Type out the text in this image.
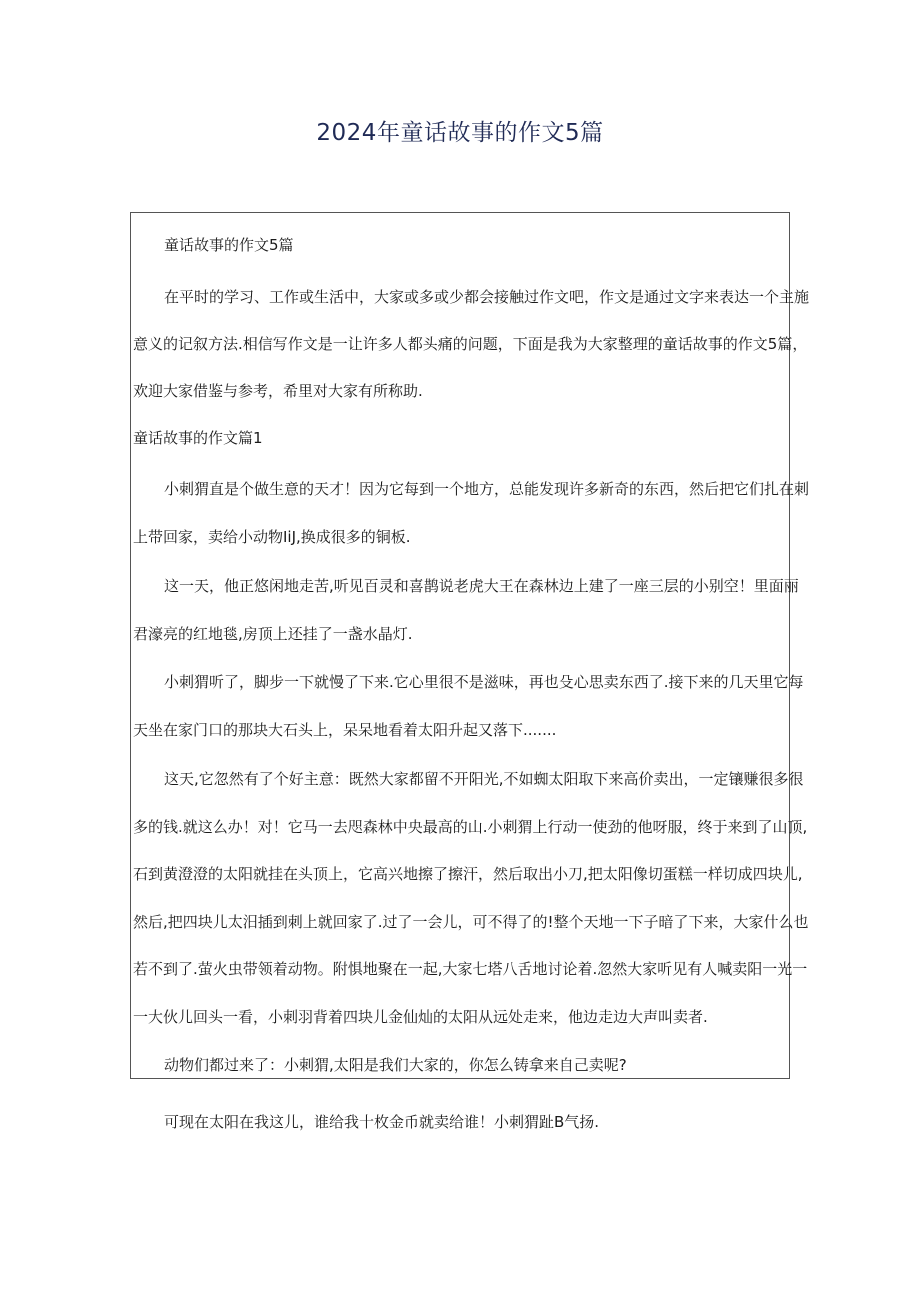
2024年童话故事的作文5篇
童话故事的作文5篇
在平时的学习、工作或生活中，大家或多或少都会接触过作文吧，作文是通过文字来表达一个主施
意义的记叙方法.相信写作文是一让许多人都头痛的问题，下面是我为大家整理的童话故事的作文5篇，
欢迎大家借鉴与参考，希里对大家有所称助.
童话故事的作文篇1
小刺猬直是个做生意的天才！因为它每到一个地方，总能发现许多新奇的东西，然后把它们扎在刺
上带回家，卖给小动物IiJ,换成很多的铜板.
这一天，他正悠闲地走苦,听见百灵和喜鹊说老虎大王在森林边上建了一座三层的小别空！里面丽
君濠亮的红地毯,房顶上还挂了一盏水晶灯.
小刺猬听了，脚步一下就慢了下来.它心里很不是滋味，再也殳心思卖东西了.接下来的几天里它每
天坐在家门口的那块大石头上，呆呆地看着太阳升起又落下.......
这天,它忽然有了个好主意：既然大家都留不开阳光,不如蜘太阳取下来高价卖出，一定镶赚很多很
多的钱.就这么办！对！它马一去咫森林中央最高的山.小刺猬上行动一使劲的他呀服，终于来到了山顶,
石到黄澄澄的太阳就挂在头顶上，它高兴地擦了擦汗，然后取出小刀,把太阳像切蛋糕一样切成四块儿,
然后,把四块儿太汨插到刺上就回家了.过了一会儿，可不得了的!整个天地一下子暗了下来，大家什么也
若不到了.萤火虫带领着动物。附惧地聚在一起,大家七塔八舌地讨论着.忽然大家听见有人喊卖阳一光一
一大伙儿回头一看，小刺羽背着四块儿金仙灿的太阳从远处走来，他边走边大声叫卖者.
动物们都过来了：小刺猬,太阳是我们大家的，你怎么铸拿来自己卖呢?
可现在太阳在我这儿，谁给我十枚金币就卖给谁！小刺猬趾B气扬.
